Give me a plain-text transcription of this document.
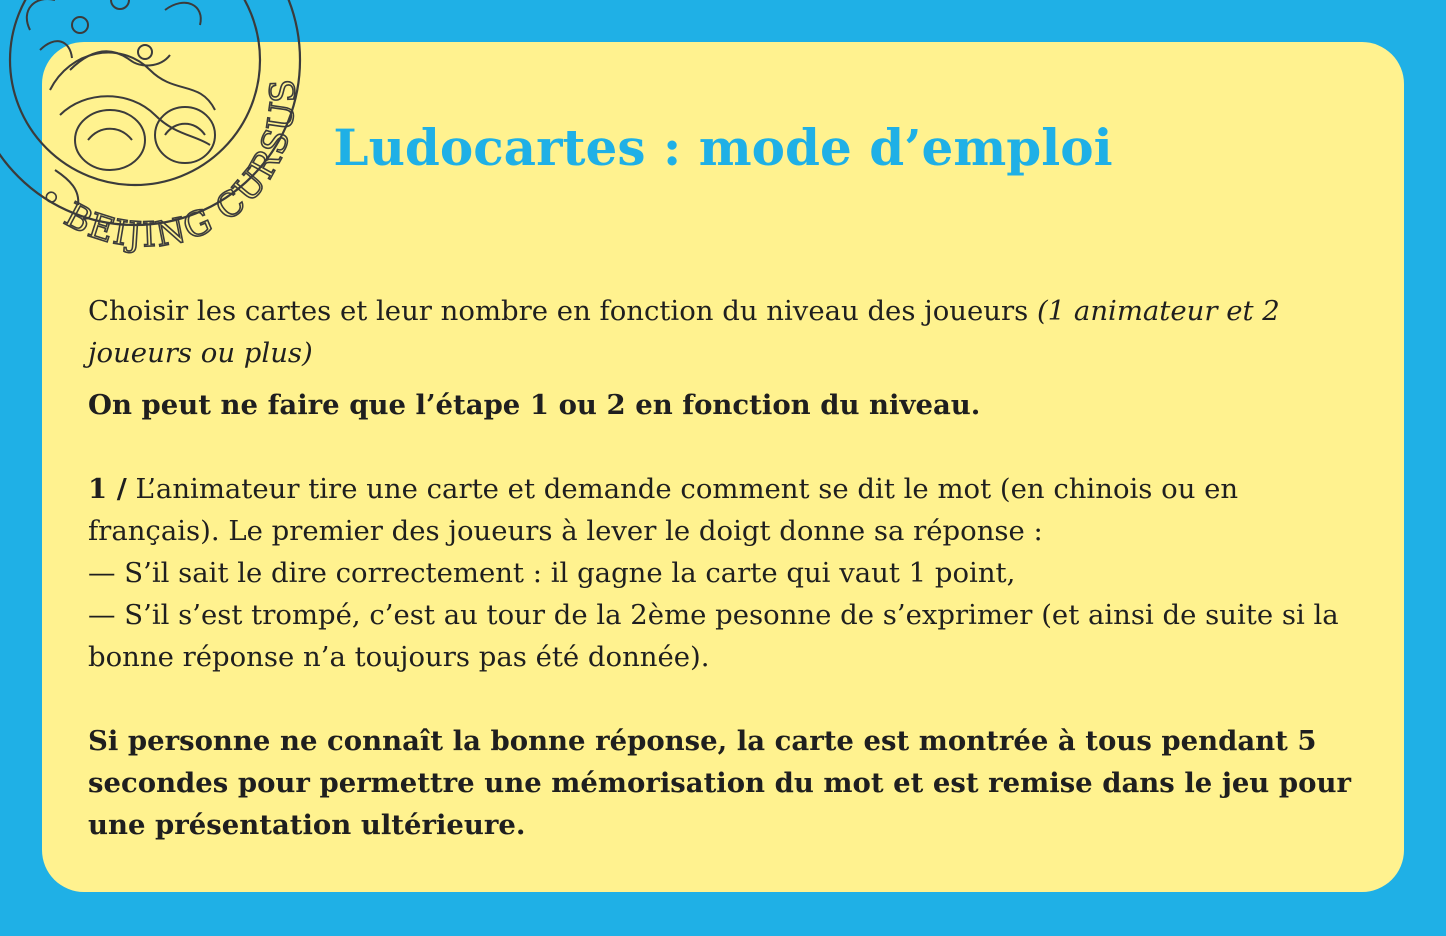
• BEIJING CURSUS
Ludocartes : mode d’emploi

Choisir les cartes et leur nombre en fonction du niveau des joueurs (1 animateur et 2 joueurs ou plus)

On peut ne faire que l’étape 1 ou 2 en fonction du niveau.

1 / L’animateur tire une carte et demande comment se dit le mot (en chinois ou en français). Le premier des joueurs à lever le doigt donne sa réponse :

— S’il sait le dire correctement : il gagne la carte qui vaut 1 point,

— S’il s’est trompé, c’est au tour de la 2ème pesonne de s’exprimer (et ainsi de suite si la bonne réponse n’a toujours pas été donnée).

Si personne ne connaît la bonne réponse, la carte est montrée à tous pendant 5 secondes pour permettre une mémorisation du mot et est remise dans le jeu pour une présentation ultérieure.
